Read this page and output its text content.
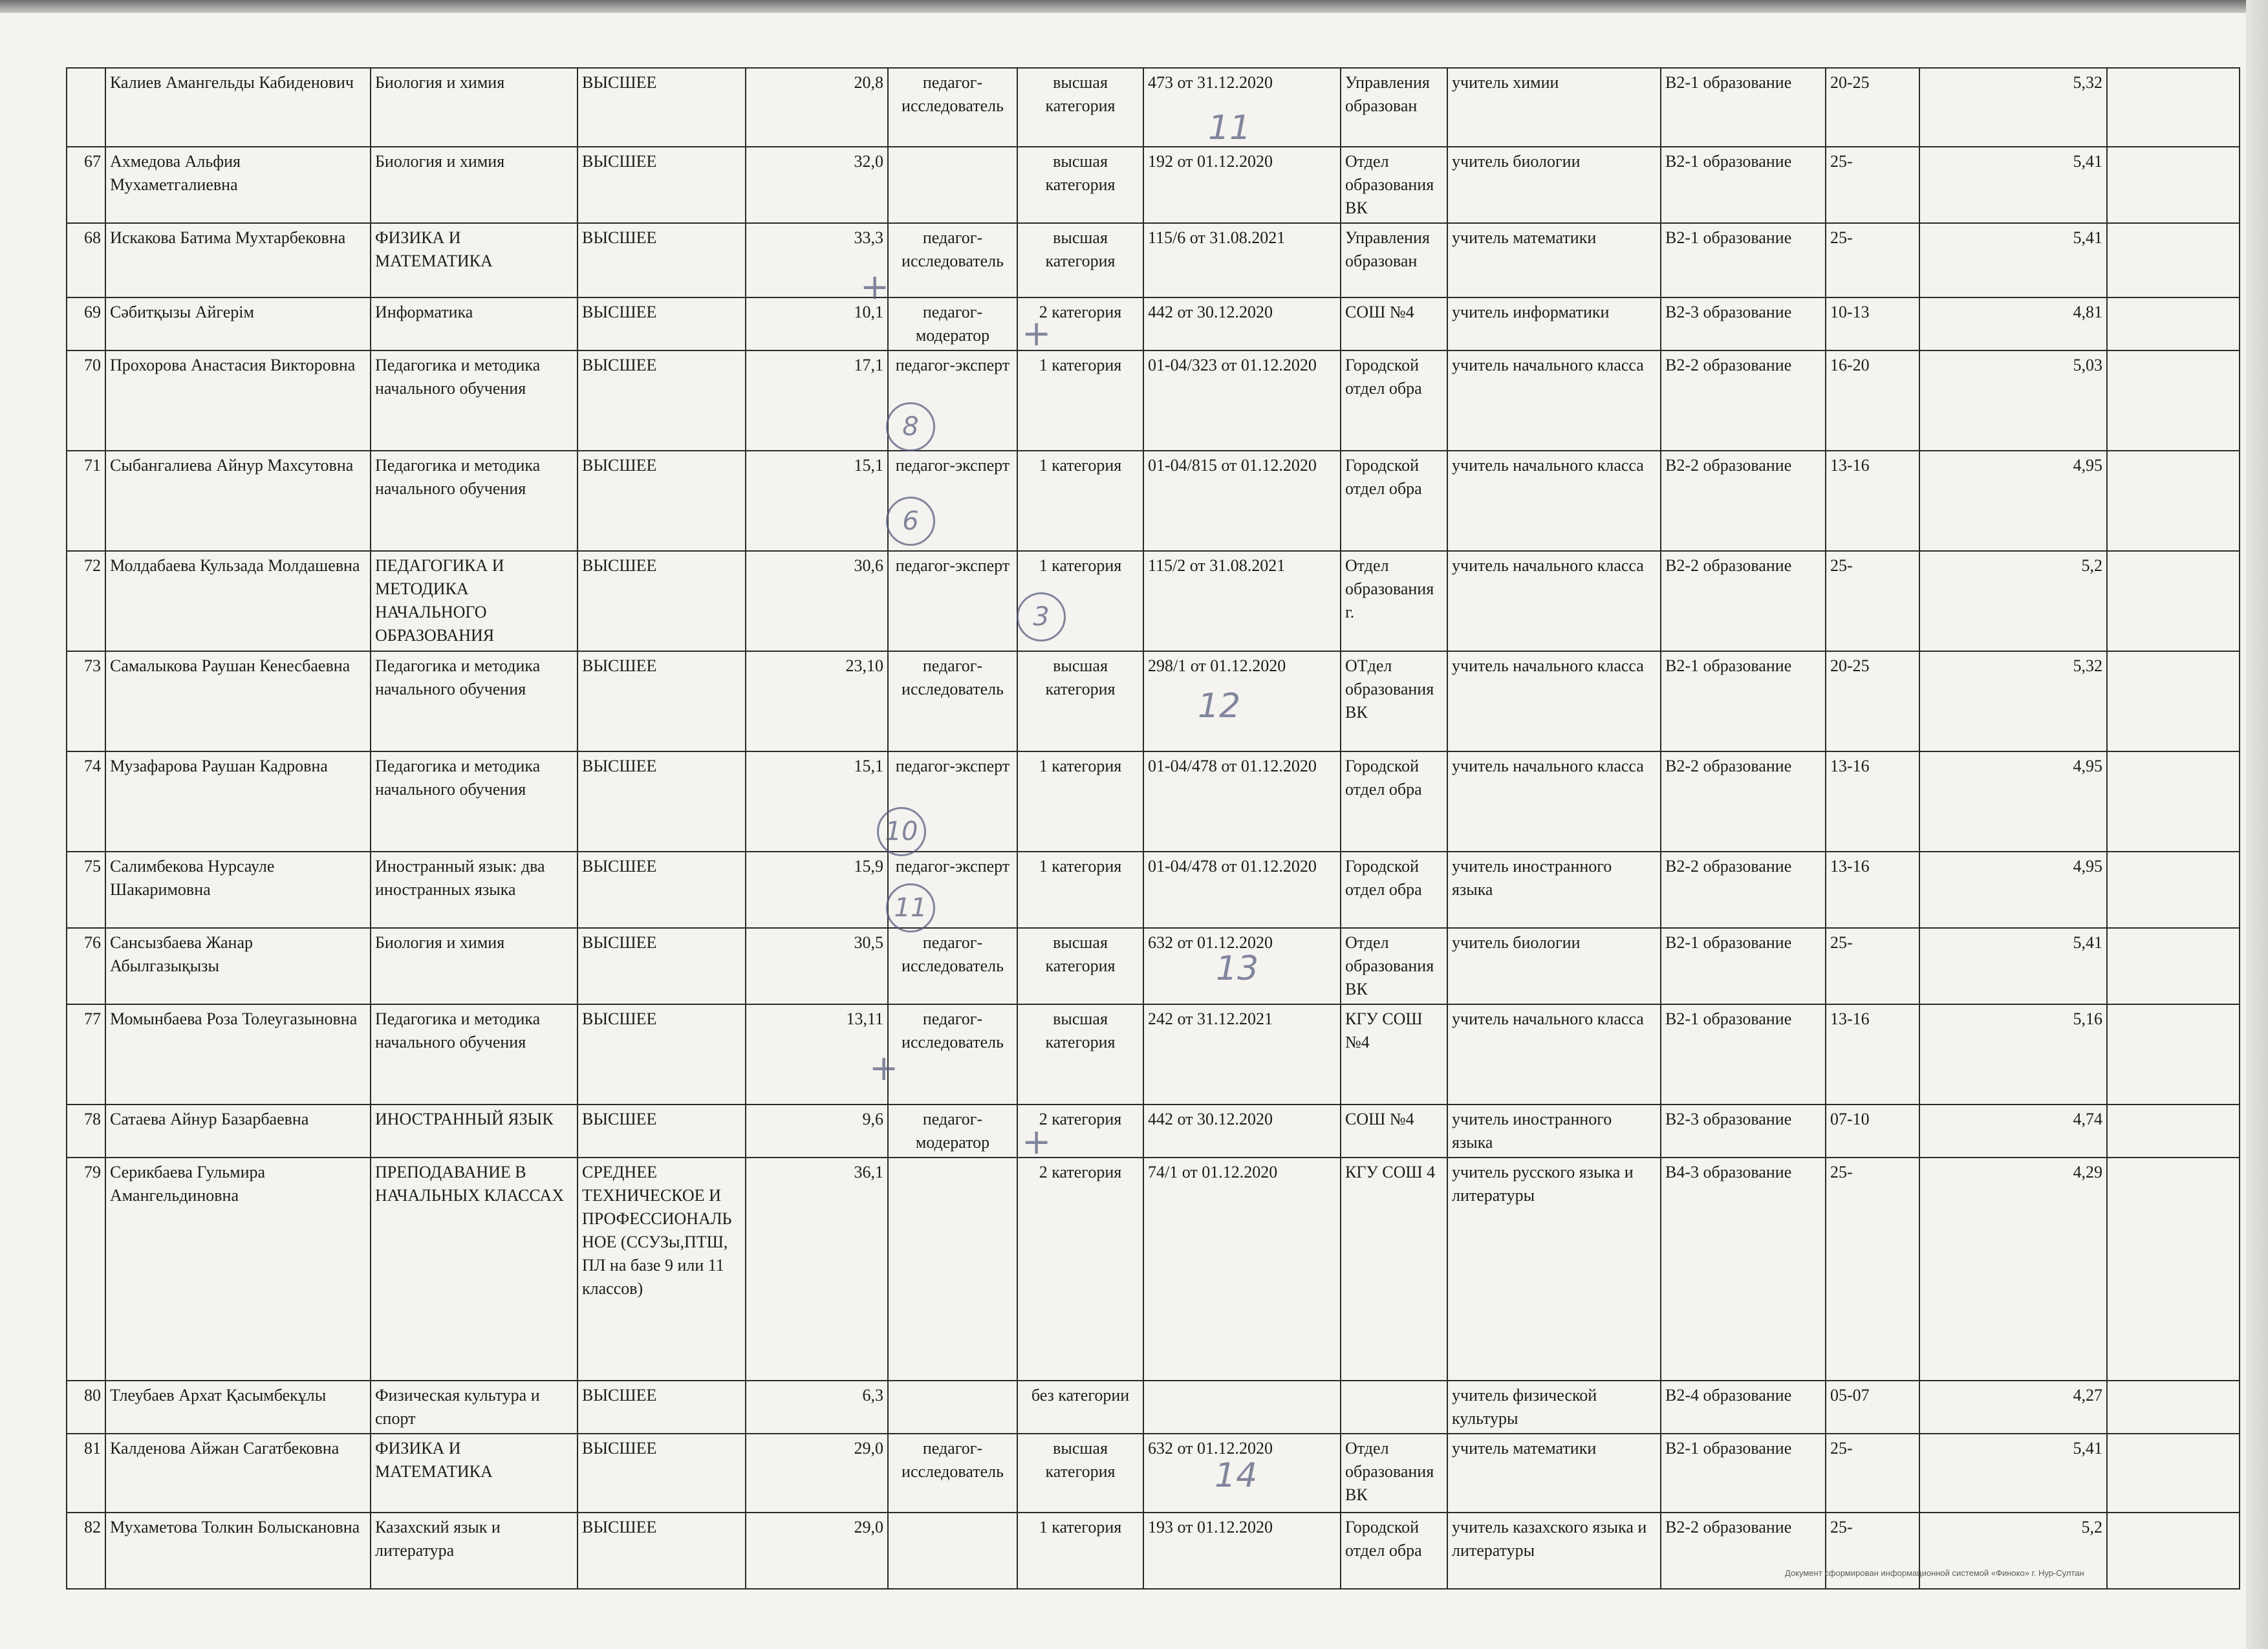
	Калиев Амангельды Кабиденович	Биология и химия	ВЫСШЕЕ	20,8	педагог-исследователь	высшая категория	473 от 31.12.2020	Управления образован	учитель химии	В2-1 образование	20-25	5,32	
67	Ахмедова Альфия Мухаметгалиевна	Биология и химия	ВЫСШЕЕ	32,0		высшая категория	192 от 01.12.2020	Отдел образования ВК	учитель биологии	В2-1 образование	25-	5,41	
68	Искакова Батима Мухтарбековна	ФИЗИКА И МАТЕМАТИКА	ВЫСШЕЕ	33,3	педагог-исследователь	высшая категория	115/6 от 31.08.2021	Управления образован	учитель математики	В2-1 образование	25-	5,41	
69	Сәбитқызы Айгерім	Информатика	ВЫСШЕЕ	10,1	педагог-модератор	2 категория	442 от 30.12.2020	СОШ №4	учитель информатики	В2-3 образование	10-13	4,81	
70	Прохорова Анастасия Викторовна	Педагогика и методика начального обучения	ВЫСШЕЕ	17,1	педагог-эксперт	1 категория	01-04/323 от 01.12.2020	Городской отдел обра	учитель начального класса	В2-2 образование	16-20	5,03	
71	Сыбангалиева Айнур Махсутовна	Педагогика и методика начального обучения	ВЫСШЕЕ	15,1	педагог-эксперт	1 категория	01-04/815 от 01.12.2020	Городской отдел обра	учитель начального класса	В2-2 образование	13-16	4,95	
72	Молдабаева Кульзада Молдашевна	ПЕДАГОГИКА И МЕТОДИКА НАЧАЛЬНОГО ОБРАЗОВАНИЯ	ВЫСШЕЕ	30,6	педагог-эксперт	1 категория	115/2 от 31.08.2021	Отдел образования г.	учитель начального класса	В2-2 образование	25-	5,2	
73	Самалыкова Раушан Кенесбаевна	Педагогика и методика начального обучения	ВЫСШЕЕ	23,10	педагог-исследователь	высшая категория	298/1 от 01.12.2020	ОТдел образования ВК	учитель начального класса	В2-1 образование	20-25	5,32	
74	Музафарова Раушан Кадровна	Педагогика и методика начального обучения	ВЫСШЕЕ	15,1	педагог-эксперт	1 категория	01-04/478 от 01.12.2020	Городской отдел обра	учитель начального класса	В2-2 образование	13-16	4,95	
75	Салимбекова Нурсауле Шакаримовна	Иностранный язык: два иностранных языка	ВЫСШЕЕ	15,9	педагог-эксперт	1 категория	01-04/478 от 01.12.2020	Городской отдел обра	учитель иностранного языка	В2-2 образование	13-16	4,95	
76	Сансызбаева Жанар Абылгазықызы	Биология и химия	ВЫСШЕЕ	30,5	педагог-исследователь	высшая категория	632 от 01.12.2020	Отдел образования ВК	учитель биологии	В2-1 образование	25-	5,41	
77	Момынбаева Роза Толеугазыновна	Педагогика и методика начального обучения	ВЫСШЕЕ	13,11	педагог-исследователь	высшая категория	242 от 31.12.2021	КГУ СОШ №4	учитель начального класса	В2-1 образование	13-16	5,16	
78	Сатаева Айнур Базарбаевна	ИНОСТРАННЫЙ ЯЗЫК	ВЫСШЕЕ	9,6	педагог-модератор	2 категория	442 от 30.12.2020	СОШ №4	учитель иностранного языка	В2-3 образование	07-10	4,74	
79	Серикбаева Гульмира Амангельдиновна	ПРЕПОДАВАНИЕ В НАЧАЛЬНЫХ КЛАССАХ	СРЕДНЕЕ ТЕХНИЧЕСКОЕ И ПРОФЕССИОНАЛЬНОЕ (ССУЗы,ПТШ, ПЛ на базе 9 или 11 классов)	36,1		2 категория	74/1 от 01.12.2020	КГУ СОШ 4	учитель русского языка и литературы	В4-3 образование	25-	4,29	
80	Тлеубаев Архат Қасымбекұлы	Физическая культура и спорт	ВЫСШЕЕ	6,3		без категории			учитель физической культуры	В2-4 образование	05-07	4,27	
81	Калденова Айжан Сагатбековна	ФИЗИКА И МАТЕМАТИКА	ВЫСШЕЕ	29,0	педагог-исследователь	высшая категория	632 от 01.12.2020	Отдел образования ВК	учитель математики	В2-1 образование	25-	5,41	
82	Мухаметова Толкин Болыскановна	Казахский язык и литература	ВЫСШЕЕ	29,0		1 категория	193 от 01.12.2020	Городской отдел обра	учитель казахского языка и литературы	В2-2 образование	25-	5,2	
11
12
13
14
8
6
3
10
11
+
+
+
+
Документ сформирован информационной системой «Финоко» г. Нур-Султан
